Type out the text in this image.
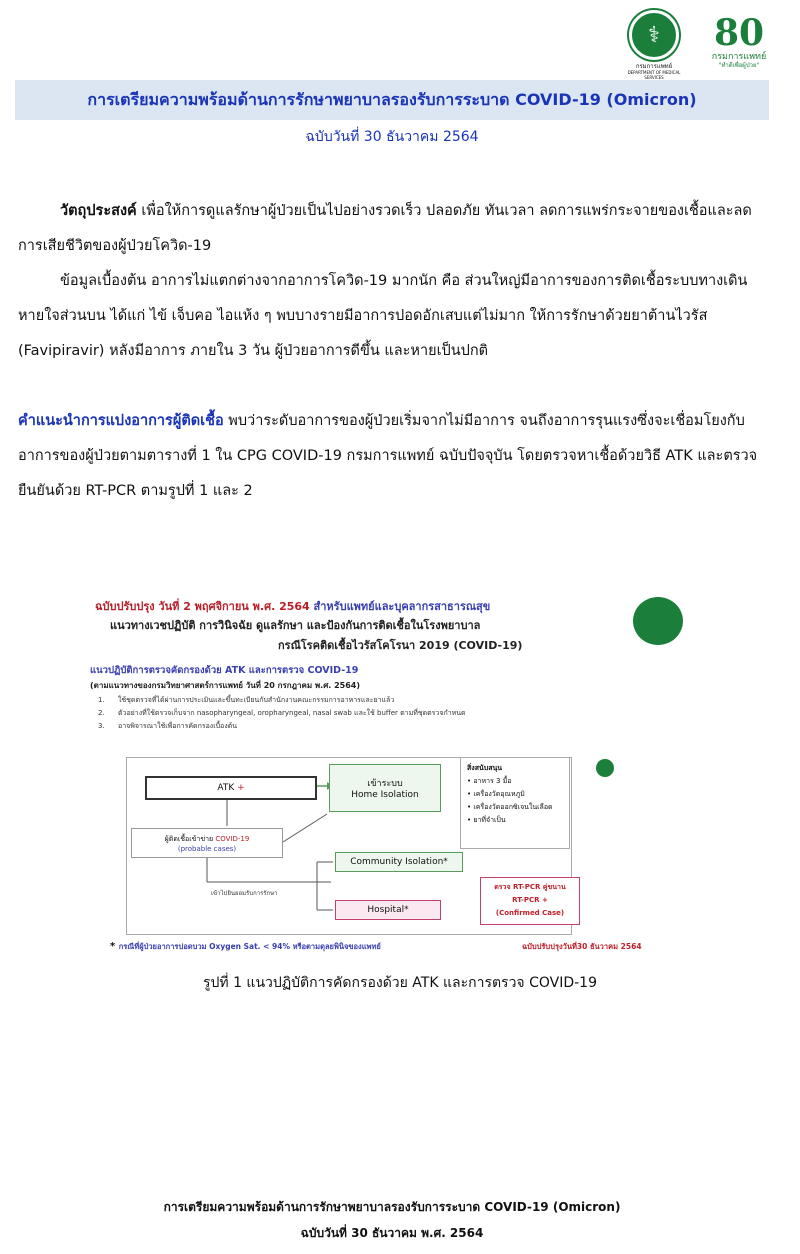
⚕
กรมการแพทย์
DEPARTMENT OF MEDICAL SERVICES
80
กรมการแพทย์
"ทำดีเพื่อผู้ป่วย"
การเตรียมความพร้อมด้านการรักษาพยาบาลรองรับการระบาด COVID-19 (Omicron)
ฉบับวันที่ 30 ธันวาคม 2564
วัตถุประสงค์ เพื่อให้การดูแลรักษาผู้ป่วยเป็นไปอย่างรวดเร็ว ปลอดภัย ทันเวลา ลดการแพร่กระจายของเชื้อและลดการเสียชีวิตของผู้ป่วยโควิด-19
ข้อมูลเบื้องต้น อาการไม่แตกต่างจากอาการโควิด-19 มากนัก คือ ส่วนใหญ่มีอาการของการติดเชื้อระบบทางเดินหายใจส่วนบน ได้แก่ ไข้ เจ็บคอ ไอแห้ง ๆ พบบางรายมีอาการปอดอักเสบแต่ไม่มาก ให้การรักษาด้วยยาต้านไวรัส (Favipiravir) หลังมีอาการ ภายใน 3 วัน ผู้ป่วยอาการดีขึ้น และหายเป็นปกติ
คำแนะนำการแบ่งอาการผู้ติดเชื้อ พบว่าระดับอาการของผู้ป่วยเริ่มจากไม่มีอาการ จนถึงอาการรุนแรงซึ่งจะเชื่อมโยงกับอาการของผู้ป่วยตามตารางที่ 1 ใน CPG COVID-19 กรมการแพทย์ ฉบับปัจจุบัน โดยตรวจหาเชื้อด้วยวิธี ATK และตรวจยืนยันด้วย RT-PCR ตามรูปที่ 1 และ 2
ฉบับปรับปรุง วันที่ 2 พฤศจิกายน พ.ศ. 2564 สำหรับแพทย์และบุคลากรสาธารณสุข
แนวทางเวชปฏิบัติ การวินิจฉัย ดูแลรักษา และป้องกันการติดเชื้อในโรงพยาบาล
กรณีโรคติดเชื้อไวรัสโคโรนา 2019 (COVID-19)
แนวปฏิบัติการตรวจคัดกรองด้วย ATK และการตรวจ COVID-19
(ตามแนวทางของกรมวิทยาศาสตร์การแพทย์ วันที่ 20 กรกฎาคม พ.ศ. 2564)
1. ใช้ชุดตรวจที่ได้ผ่านการประเมินและขึ้นทะเบียนกับสำนักงานคณะกรรมการอาหารและยาแล้ว
2. ตัวอย่างที่ใช้ตรวจเก็บจาก nasopharyngeal, oropharyngeal, nasal swab และใช้ buffer ตามที่ชุดตรวจกำหนด
3. อาจพิจารณาใช้เพื่อการคัดกรองเบื้องต้น
ATK +	เข้าระบบ
Home Isolation
ผู้ติดเชื้อเข้าข่าย COVID-19
(probable cases)
Community Isolation*
Hospital*
เข้าไปยินยอมรับการรักษา
สิ่งสนับสนุน
• อาหาร 3 มื้อ
• เครื่องวัดอุณหภูมิ
• เครื่องวัดออกซิเจนในเลือด
• ยาที่จำเป็น
ตรวจ RT-PCR คู่ขนาน
RT-PCR +
(Confirmed Case)
* กรณีที่ผู้ป่วยอาการปอดบวม Oxygen Sat. < 94% หรือตามดุลยพินิจของแพทย์	ฉบับปรับปรุงวันที่30 ธันวาคม 2564
รูปที่ 1 แนวปฏิบัติการคัดกรองด้วย ATK และการตรวจ COVID-19
การเตรียมความพร้อมด้านการรักษาพยาบาลรองรับการระบาด COVID-19 (Omicron)
ฉบับวันที่ 30 ธันวาคม พ.ศ. 2564
